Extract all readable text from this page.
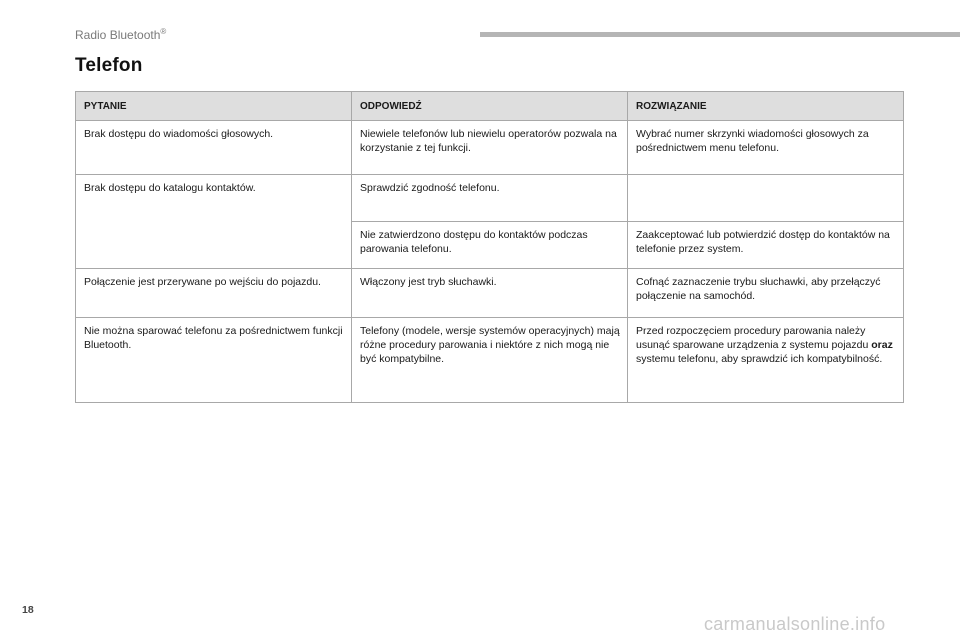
Radio Bluetooth®
Telefon
PYTANIE	ODPOWIEDŹ	ROZWIĄZANIE
Brak dostępu do wiadomości głosowych.	Niewiele telefonów lub niewielu operatorów pozwala na korzystanie z tej funkcji.	Wybrać numer skrzynki wiadomości głosowych za pośrednictwem menu telefonu.
Brak dostępu do katalogu kontaktów.	Sprawdzić zgodność telefonu.	
	Nie zatwierdzono dostępu do kontaktów podczas parowania telefonu.	Zaakceptować lub potwierdzić dostęp do kontaktów na telefonie przez system.
Połączenie jest przerywane po wejściu do pojazdu.	Włączony jest tryb słuchawki.	Cofnąć zaznaczenie trybu słuchawki, aby przełączyć połączenie na samochód.
Nie można sparować telefonu za pośrednictwem funkcji Bluetooth.	Telefony (modele, wersje systemów operacyjnych) mają różne procedury parowania i niektóre z nich mogą nie być kompatybilne.	Przed rozpoczęciem procedury parowania należy usunąć sparowane urządzenia z systemu pojazdu oraz systemu telefonu, aby sprawdzić ich kompatybilność.
18
carmanualsonline.info
